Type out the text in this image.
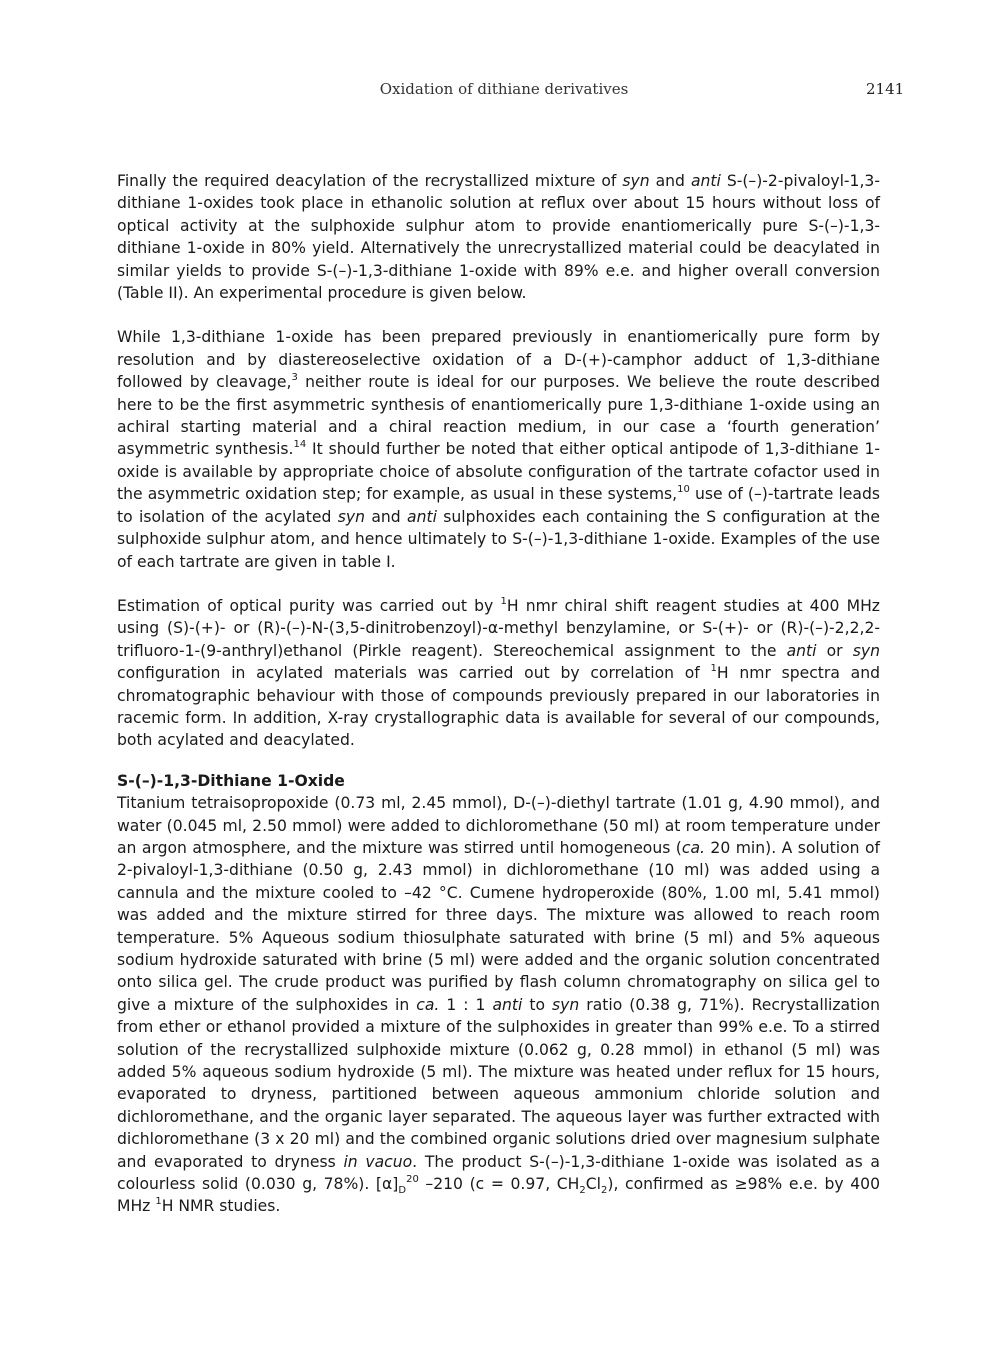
Oxidation of dithiane derivatives	2141

Finally the required deacylation of the recrystallized mixture of syn and anti S-(–)-2-pivaloyl-1,3-dithiane 1-oxides took place in ethanolic solution at reflux over about 15 hours without loss of optical activity at the sulphoxide sulphur atom to provide enantiomerically pure S-(–)-1,3-dithiane 1-oxide in 80% yield. Alternatively the unrecrystallized material could be deacylated in similar yields to provide S-(–)-1,3-dithiane 1-oxide with 89% e.e. and higher overall conversion (Table II). An experimental procedure is given below.

While 1,3-dithiane 1-oxide has been prepared previously in enantiomerically pure form by resolution and by diastereoselective oxidation of a D-(+)-camphor adduct of 1,3-dithiane followed by cleavage,$^3$ neither route is ideal for our purposes. We believe the route described here to be the first asymmetric synthesis of enantiomerically pure 1,3-dithiane 1-oxide using an achiral starting material and a chiral reaction medium, in our case a ‘fourth generation’ asymmetric synthesis.$^{14}$ It should further be noted that either optical antipode of 1,3-dithiane 1-oxide is available by appropriate choice of absolute configuration of the tartrate cofactor used in the asymmetric oxidation step; for example, as usual in these systems,$^{10}$ use of (–)-tartrate leads to isolation of the acylated syn and anti sulphoxides each containing the S configuration at the sulphoxide sulphur atom, and hence ultimately to S-(–)-1,3-dithiane 1-oxide. Examples of the use of each tartrate are given in table I.

Estimation of optical purity was carried out by $^1$H nmr chiral shift reagent studies at 400 MHz using (S)-(+)- or (R)-(–)-N-(3,5-dinitrobenzoyl)-α-methyl benzylamine, or S-(+)- or (R)-(–)-2,2,2-trifluoro-1-(9-anthryl)ethanol (Pirkle reagent). Stereochemical assignment to the anti or syn configuration in acylated materials was carried out by correlation of $^1$H nmr spectra and chromatographic behaviour with those of compounds previously prepared in our laboratories in racemic form. In addition, X-ray crystallographic data is available for several of our compounds, both acylated and deacylated.

S-(–)-1,3-Dithiane 1-Oxide

Titanium tetraisopropoxide (0.73 ml, 2.45 mmol), D-(–)-diethyl tartrate (1.01 g, 4.90 mmol), and water (0.045 ml, 2.50 mmol) were added to dichloromethane (50 ml) at room temperature under an argon atmosphere, and the mixture was stirred until homogeneous (ca. 20 min). A solution of 2-pivaloyl-1,3-dithiane (0.50 g, 2.43 mmol) in dichloromethane (10 ml) was added using a cannula and the mixture cooled to –42 °C. Cumene hydroperoxide (80%, 1.00 ml, 5.41 mmol) was added and the mixture stirred for three days. The mixture was allowed to reach room temperature. 5% Aqueous sodium thiosulphate saturated with brine (5 ml) and 5% aqueous sodium hydroxide saturated with brine (5 ml) were added and the organic solution concentrated onto silica gel. The crude product was purified by flash column chromatography on silica gel to give a mixture of the sulphoxides in ca. 1 : 1 anti to syn ratio (0.38 g, 71%). Recrystallization from ether or ethanol provided a mixture of the sulphoxides in greater than 99% e.e. To a stirred solution of the recrystallized sulphoxide mixture (0.062 g, 0.28 mmol) in ethanol (5 ml) was added 5% aqueous sodium hydroxide (5 ml). The mixture was heated under reflux for 15 hours, evaporated to dryness, partitioned between aqueous ammonium chloride solution and dichloromethane, and the organic layer separated. The aqueous layer was further extracted with dichloromethane (3 x 20 ml) and the combined organic solutions dried over magnesium sulphate and evaporated to dryness in vacuo. The product S-(–)-1,3-dithiane 1-oxide was isolated as a colourless solid (0.030 g, 78%). $[\alpha]_D^{20}$ –210 (c = 0.97, $CH_2Cl_2$), confirmed as ≥98% e.e. by 400 MHz $^1$H NMR studies.
